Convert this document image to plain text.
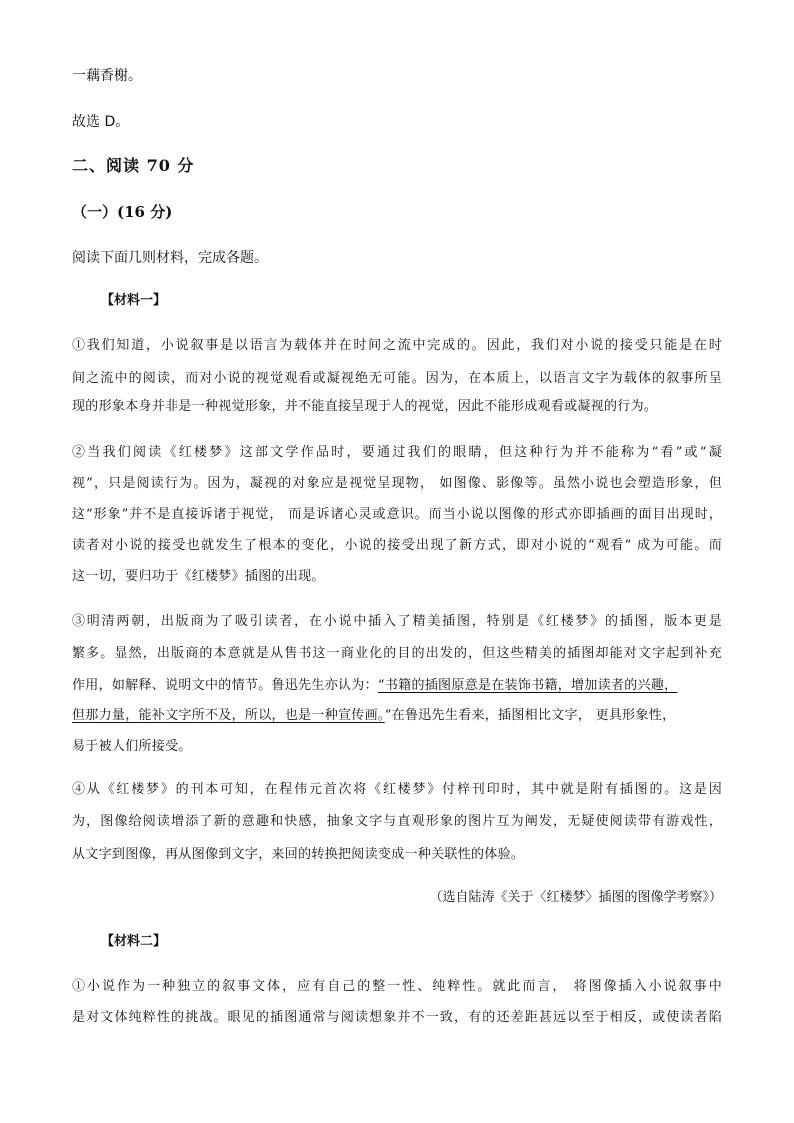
一藕香榭。
故选 D。
二、阅读 70 分
（一）(16 分)
阅读下面几则材料，完成各题。
【材料一】
①我们知道，小说叙事是以语言为载体并在时间之流中完成的。因此，我们对小说的接受只能是在时
间之流中的阅读，而对小说的视觉观看或凝视绝无可能。因为，在本质上，以语言文字为载体的叙事所呈
现的形象本身并非是一种视觉形象，并不能直接呈现于人的视觉，因此不能形成观看或凝视的行为。
②当我们阅读《红楼梦》这部文学作品时，要通过我们的眼睛，但这种行为并不能称为“看”或“凝
视”，只是阅读行为。因为，凝视的对象应是视觉呈现物， 如图像、影像等。虽然小说也会塑造形象，但
这“形象”并不是直接诉诸于视觉， 而是诉诸心灵或意识。而当小说以图像的形式亦即插画的面目出现时，
读者对小说的接受也就发生了根本的变化，小说的接受出现了新方式，即对小说的“观看” 成为可能。而
这一切，要归功于《红楼梦》插图的出现。
③明清两朝，出版商为了吸引读者，在小说中插入了精美插图，特别是《红楼梦》的插图，版本更是
繁多。显然，出版商的本意就是从售书这一商业化的目的出发的，但这些精美的插图却能对文字起到补充
作用，如解释、说明文中的情节。鲁迅先生亦认为：“书籍的插图原意是在装饰书籍，增加读者的兴趣，
但那力量，能补文字所不及，所以，也是一种宣传画。”在鲁迅先生看来，插图相比文字， 更具形象性，
易于被人们所接受。
④从《红楼梦》的刊本可知，在程伟元首次将《红楼梦》付梓刊印时，其中就是附有插图的。这是因
为，图像给阅读增添了新的意趣和快感，抽象文字与直观形象的图片互为阐发，无疑使阅读带有游戏性，
从文字到图像，再从图像到文字，来回的转换把阅读变成一种关联性的体验。
（选自陆涛《关于〈红楼梦〉插图的图像学考察》）
【材料二】
①小说作为一种独立的叙事文体，应有自己的整一性、纯粹性。就此而言， 将图像插入小说叙事中
是对文体纯粹性的挑战。眼见的插图通常与阅读想象并不一致，有的还差距甚远以至于相反，或使读者陷
